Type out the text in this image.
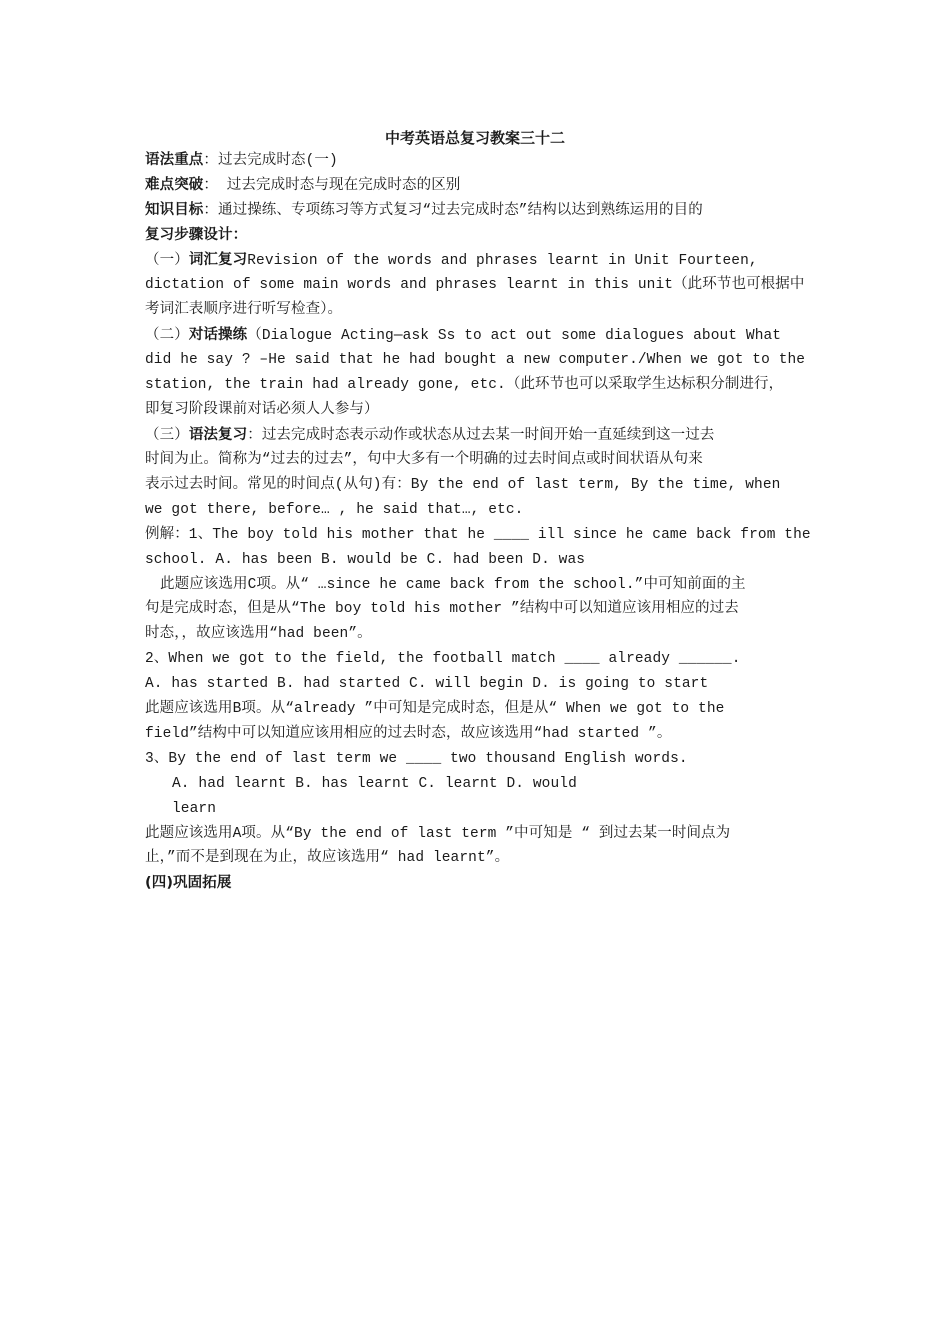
中考英语总复习教案三十二
语法重点：过去完成时态(一)
难点突破： 过去完成时态与现在完成时态的区别
知识目标：通过操练、专项练习等方式复习“过去完成时态”结构以达到熟练运用的目的
复习步骤设计：
（一）词汇复习Revision of the words and phrases learnt in Unit Fourteen,
dictation of some main words and phrases learnt in this unit（此环节也可根据中
考词汇表顺序进行听写检查）。
（二）对话操练（Dialogue Acting—ask Ss to act out some dialogues about What
did he say ? –He said that he had bought a new computer./When we got to the
station, the train had already gone, etc.（此环节也可以采取学生达标积分制进行，
即复习阶段课前对话必须人人参与）
（三）语法复习：过去完成时态表示动作或状态从过去某一时间开始一直延续到这一过去
时间为止。简称为“过去的过去”，句中大多有一个明确的过去时间点或时间状语从句来
表示过去时间。常见的时间点(从句)有：By the end of last term, By the time, when
we got there, before… , he said that…, etc.
例解：1、The boy told his mother that he ____ ill since he came back from the
school. A. has been B. would be C. had been D. was
此题应该选用C项。从“ …since he came back from the school.”中可知前面的主
句是完成时态，但是从“The boy told his mother ”结构中可以知道应该用相应的过去
时态，，故应该选用“had been”。
2、When we got to the field, the football match ____ already ______.
A. has started B. had started C. will begin D. is going to start
此题应该选用B项。从“already ”中可知是完成时态，但是从“ When we got to the
field”结构中可以知道应该用相应的过去时态，故应该选用“had started ”。
3、By the end of last term we ____ two thousand English words.
A. had learnt B. has learnt C. learnt D. would
learn
此题应该选用A项。从“By the end of last term ”中可知是 “ 到过去某一时间点为
止，”而不是到现在为止，故应该选用“ had learnt”。
(四)巩固拓展
